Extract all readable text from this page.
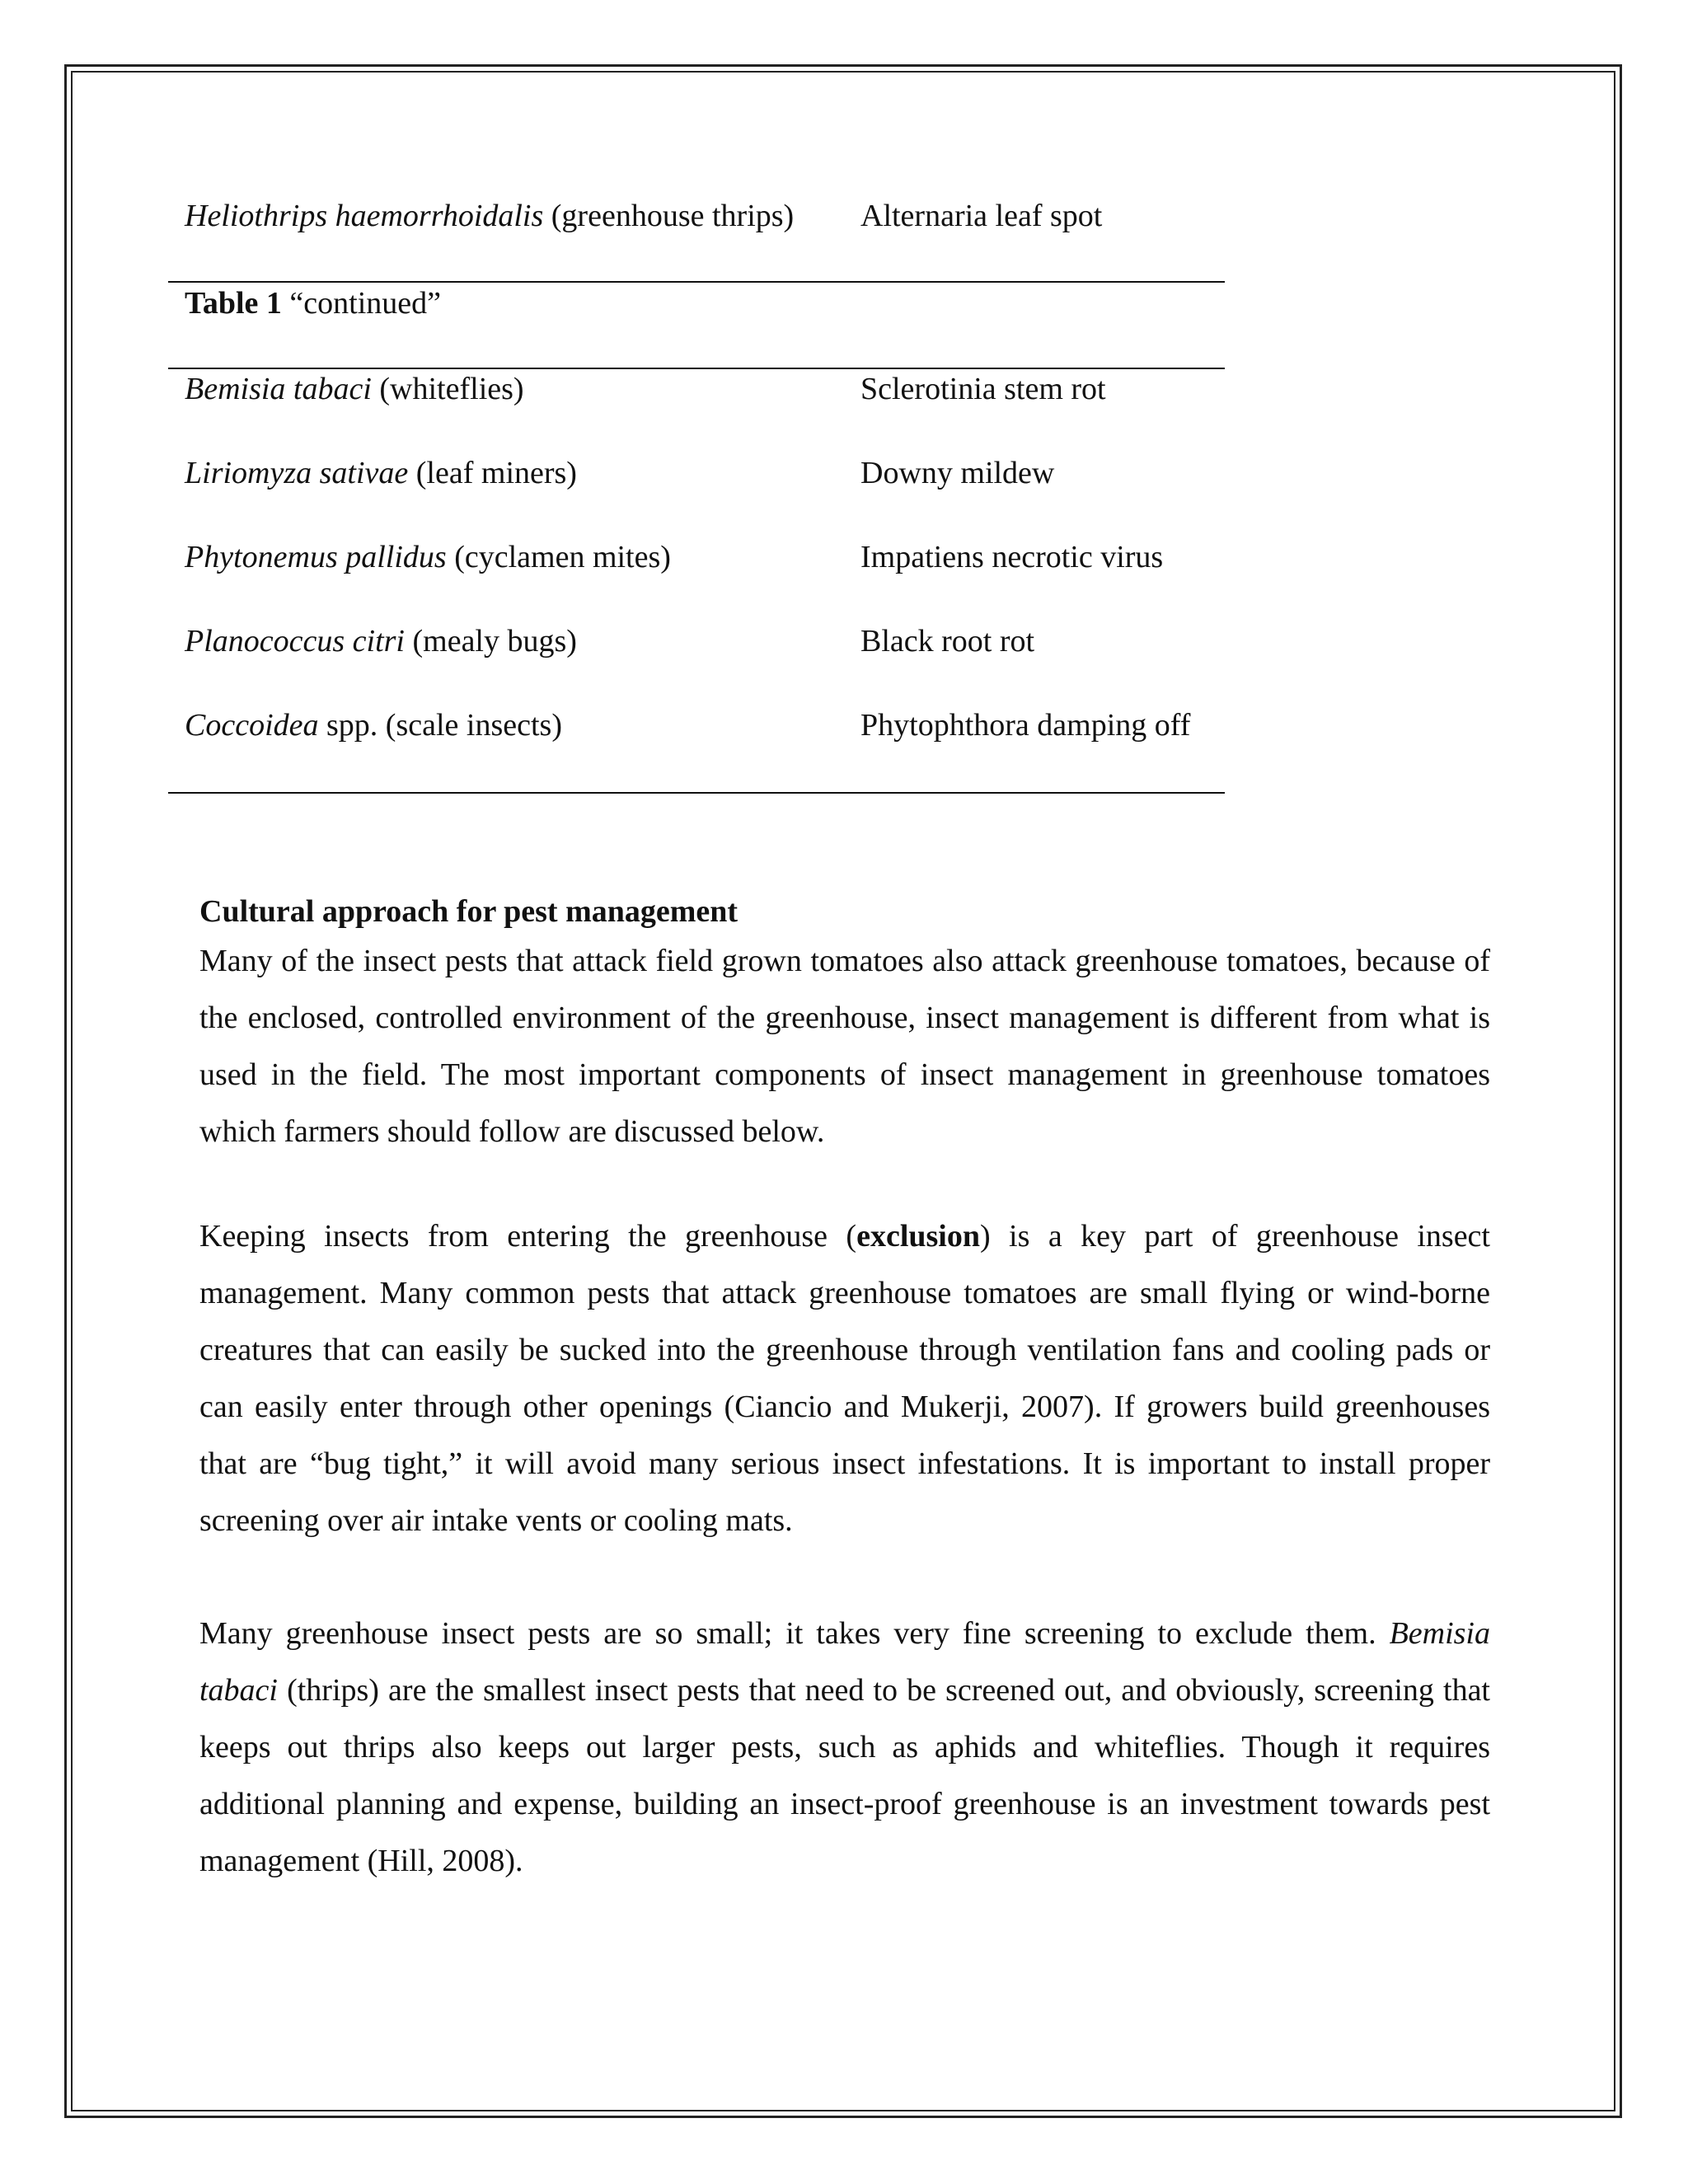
Heliothrips haemorrhoidalis (greenhouse thrips) Alternaria leaf spot
Table 1 “continued”
Bemisia tabaci (whiteflies)	Sclerotinia stem rot
Liriomyza sativae (leaf miners)	Downy mildew
Phytonemus pallidus (cyclamen mites)	Impatiens necrotic virus
Planococcus citri (mealy bugs)	Black root rot
Coccoidea spp. (scale insects)	Phytophthora damping off
Cultural approach for pest management

Many of the insect pests that attack field grown tomatoes also attack greenhouse tomatoes, because of the enclosed, controlled environment of the greenhouse, insect management is different from what is used in the field. The most important components of insect management in greenhouse tomatoes which farmers should follow are discussed below.

Keeping insects from entering the greenhouse (exclusion) is a key part of greenhouse insect management. Many common pests that attack greenhouse tomatoes are small flying or wind-borne creatures that can easily be sucked into the greenhouse through ventilation fans and cooling pads or can easily enter through other openings (Ciancio and Mukerji, 2007). If growers build greenhouses that are “bug tight,” it will avoid many serious insect infestations. It is important to install proper screening over air intake vents or cooling mats.

Many greenhouse insect pests are so small; it takes very fine screening to exclude them. Bemisia tabaci (thrips) are the smallest insect pests that need to be screened out, and obviously, screening that keeps out thrips also keeps out larger pests, such as aphids and whiteflies. Though it requires additional planning and expense, building an insect-proof greenhouse is an investment towards pest management (Hill, 2008).
